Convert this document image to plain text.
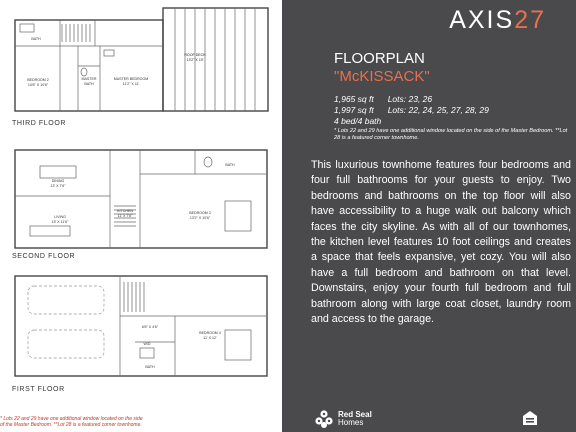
BATH
BEDROOM 2
10'6" X 10'6"
MASTER
BATH
MASTER BEDROOM
11'2" X 11'
ROOF DECK
13'2" X 19'
THIRD FLOOR
DINING
13' X 7'6"
LIVING
15' X 11'6"
KITCHEN
11' X 7'6"
BEDROOM 3
13'2" X 10'6"
BATH
SECOND FLOOR
6'6" X 4'6"
W/D
BATH
BEDROOM 4
11' X 12'
FIRST FLOOR
* Lots 22 and 29 have one additional window located on the side
of the Master Bedroom. **Lot 28 is a featured corner townhome.
AXIS27
FLOORPLAN
"McKISSACK"
1,965 sq ft Lots: 23, 26
1,997 sq ft Lots: 22, 24, 25, 27, 28, 29
4 bed/4 bath
* Lots 22 and 29 have one additional window located on the side of the Master Bedroom. **Lot 28 is a featured corner townhome.
This luxurious townhome features four bedrooms and four full bathrooms for your guests to enjoy. Two bedrooms and bathrooms on the top floor will also have accessibility to a huge walk out balcony which faces the city skyline. As with all of our townhomes, the kitchen level features 10 foot ceilings and creates a space that feels expansive, yet cozy. You will also have a full bedroom and bathroom on that level. Downstairs, enjoy your fourth full bedroom and full bathroom along with large coat closet, laundry room and access to the garage.
Red Seal
Homes
